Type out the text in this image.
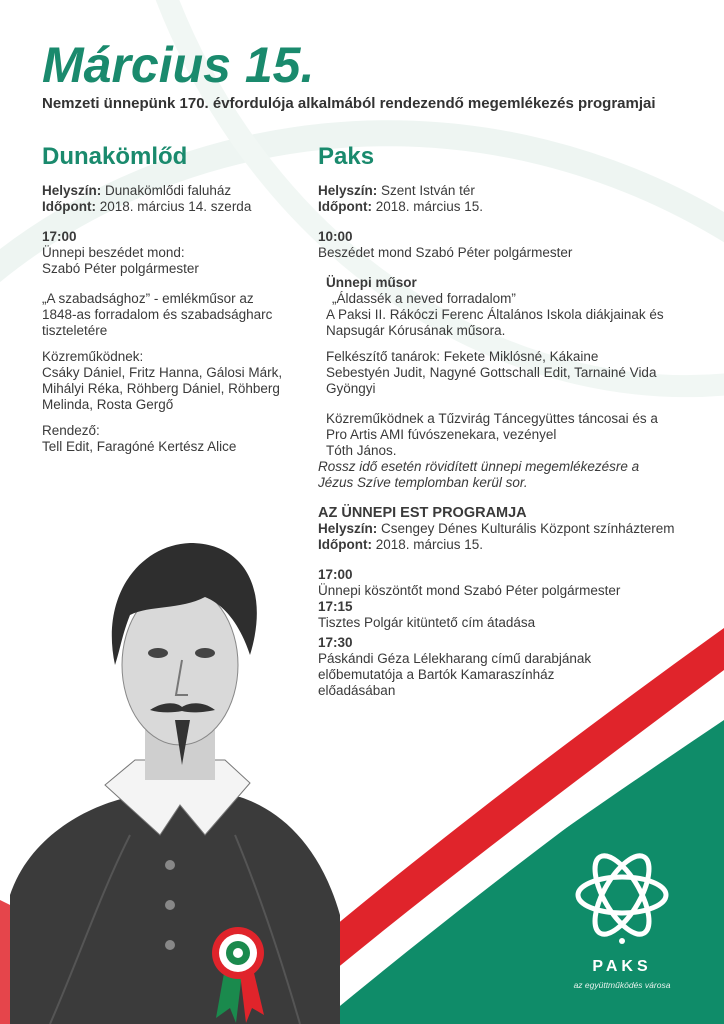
Március 15.
Nemzeti ünnepünk 170. évfordulója alkalmából rendezendő megemlékezés programjai
Dunakömlőd

Helyszín: Dunakömlődi faluház

Időpont: 2018. március 14. szerda

17:00

Ünnepi beszédet mond:

Szabó Péter polgármester

„A szabadsághoz” - emlékműsor az

1848-as forradalom és szabadságharc

tiszteletére

Közreműködnek:

Csáky Dániel, Fritz Hanna, Gálosi Márk,

Mihályi Réka, Röhberg Dániel, Röhberg

Melinda, Rosta Gergő

Rendező:

Tell Edit, Faragóné Kertész Alice

Paks

Helyszín: Szent István tér

Időpont: 2018. március 15.

10:00

Beszédet mond Szabó Péter polgármester

Ünnepi műsor

„Áldassék a neved forradalom”

A Paksi II. Rákóczi Ferenc Általános Iskola diákjainak és

Napsugár Kórusának műsora.

Felkészítő tanárok: Fekete Miklósné, Kákaine

Sebestyén Judit, Nagyné Gottschall Edit, Tarnainé Vida

Gyöngyi

Közreműködnek a Tűzvirág Táncegyüttes táncosai és a

Pro Artis AMI fúvószenekara, vezényel

Tóth János.

Rossz idő esetén rövidített ünnepi megemlékezésre a

Jézus Szíve templomban kerül sor.

AZ ÜNNEPI EST PROGRAMJA

Helyszín: Csengey Dénes Kulturális Központ színházterem

Időpont: 2018. március 15.

17:00

Ünnepi köszöntőt mond Szabó Péter polgármester

17:15

Tisztes Polgár kitüntető cím átadása

17:30

Páskándi Géza Lélekharang című darabjának

előbemutatója a Bartók Kamaraszínház

előadásában

PAKS
az együttműködés városa
